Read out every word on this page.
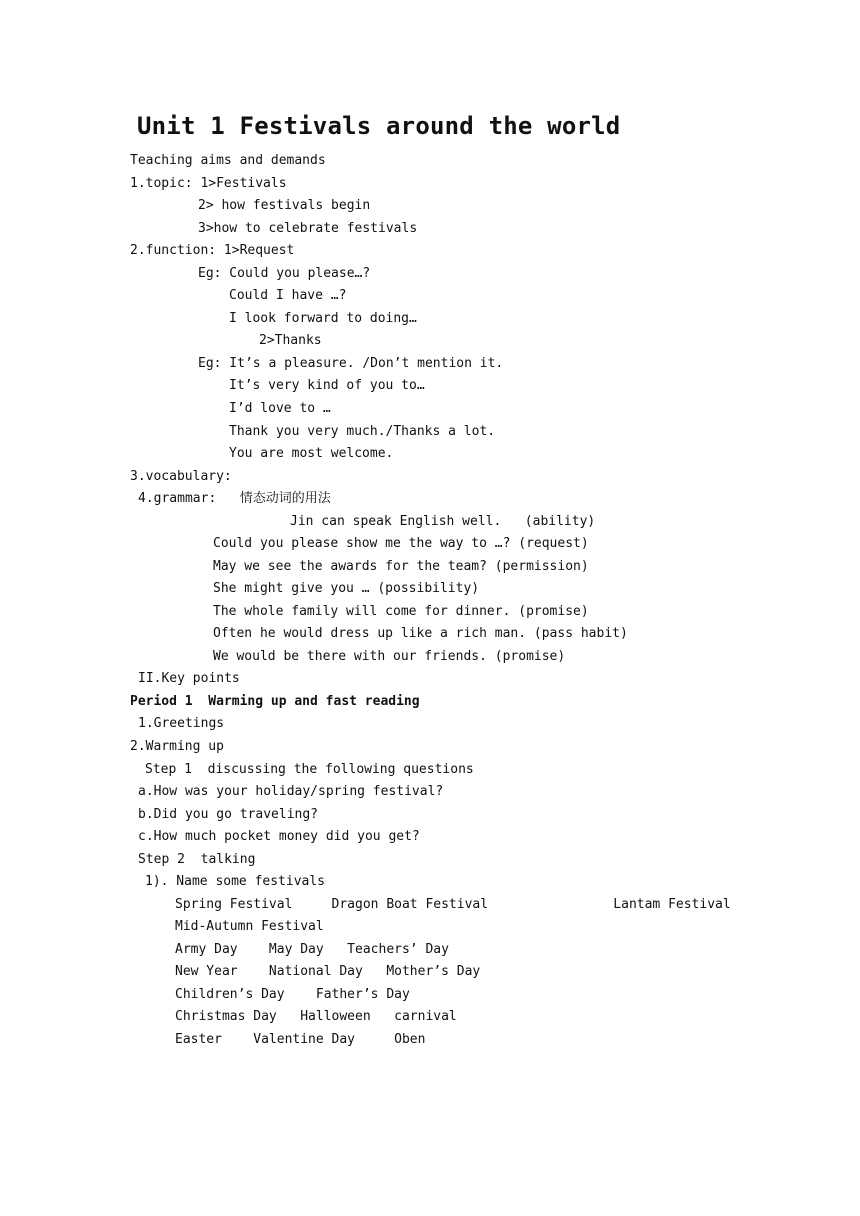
Unit 1 Festivals around the world
Teaching aims and demands
1.topic: 1>Festivals
2> how festivals begin
3>how to celebrate festivals
2.function: 1>Request
Eg: Could you please…?
Could I have …?
I look forward to doing…
2>Thanks
Eg: It’s a pleasure. /Don’t mention it.
It’s very kind of you to…
I’d love to …
Thank you very much./Thanks a lot.
You are most welcome.
3.vocabulary:
4.grammar:   情态动词的用法
Jin can speak English well.   (ability)
Could you please show me the way to …? (request)
May we see the awards for the team? (permission)
She might give you … (possibility)
The whole family will come for dinner. (promise)
Often he would dress up like a rich man. (pass habit)
We would be there with our friends. (promise)
II.Key points
Period 1  Warming up and fast reading
1.Greetings
2.Warming up
Step 1  discussing the following questions
a.How was your holiday/spring festival?
b.Did you go traveling?
c.How much pocket money did you get?
Step 2  talking
1). Name some festivals
Spring Festival     Dragon Boat Festival                Lantam Festival
Mid-Autumn Festival
Army Day    May Day   Teachers’ Day
New Year    National Day   Mother’s Day
Children’s Day    Father’s Day
Christmas Day   Halloween   carnival
Easter    Valentine Day     Oben
